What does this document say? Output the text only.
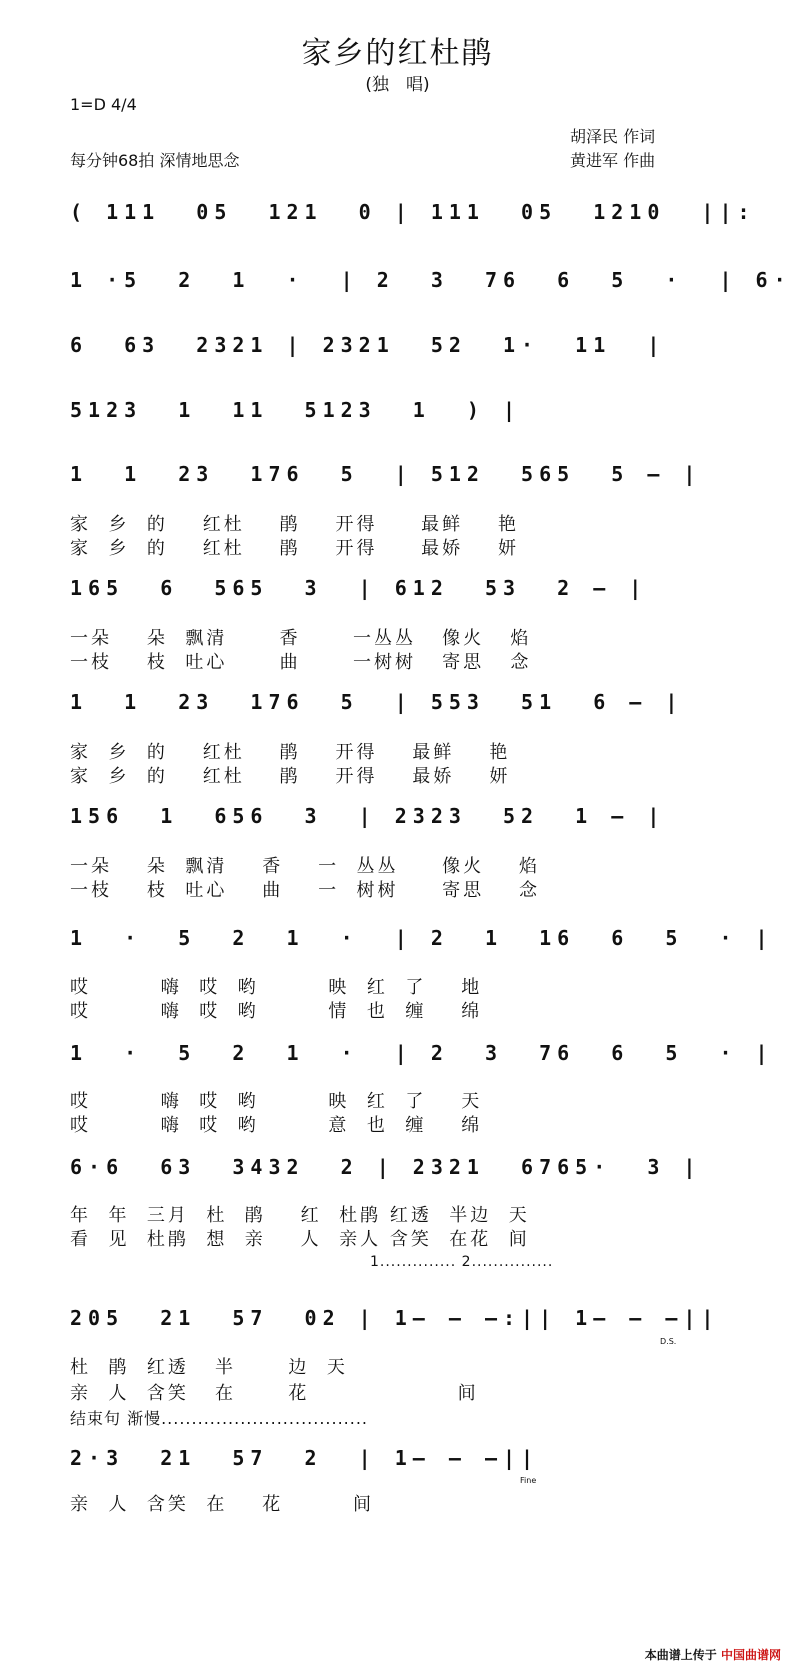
家乡的红杜鹃
(独　唱)
1=D 4/4
胡泽民 作词
每分钟68拍 深情地思念	黄进军 作曲
( 111  05  121  0 | 111  05  1210  ||:
1 ·5  2  1  ·  | 2  3  76  6  5  ·  | 6·
6  63  2321 | 2321  52  1·  11  |
5123  1  11  5123  1  ) |
1  1  23  176  5  | 512  565  5 — |
家  乡  的    红杜    鹃    开得     最鲜    艳
家  乡  的    红杜    鹃    开得     最娇    妍
165  6  565  3  | 612  53  2 — |
一朵    朵  飘清      香      一丛丛   像火   焰
一枝    枝  吐心      曲      一树树   寄思   念
1  1  23  176  5  | 553  51  6 — |
家  乡  的    红杜    鹃    开得    最鲜    艳
家  乡  的    红杜    鹃    开得    最娇    妍
156  1  656  3  | 2323  52  1 — |
一朵    朵  飘清    香    一  丛丛     像火    焰
一枝    枝  吐心    曲    一  树树     寄思    念
1  ·  5  2  1  ·  | 2  1  16  6  5  · |
哎        嗨  哎  哟        映  红  了    地
哎        嗨  哎  哟        情  也  缠    绵
1  ·  5  2  1  ·  | 2  3  76  6  5  · |
哎        嗨  哎  哟        映  红  了    天
哎        嗨  哎  哟        意  也  缠    绵
6·6  63  3432  2 | 2321  6765·  3 |
年  年  三月  杜  鹃    红  杜鹃 红透  半边  天
看  见  杜鹃  想  亲    人  亲人 含笑  在花  间
1.............. 2...............
205  21  57  02 | 1— — —:|| 1— — —||
D.S.
杜  鹃  红透   半      边  天
亲  人  含笑   在      花                 间
结束句 渐慢..................................
2·3  21  57  2  | 1— — —||
Fine
亲  人  含笑  在    花        间
本曲谱上传于 中国曲谱网
